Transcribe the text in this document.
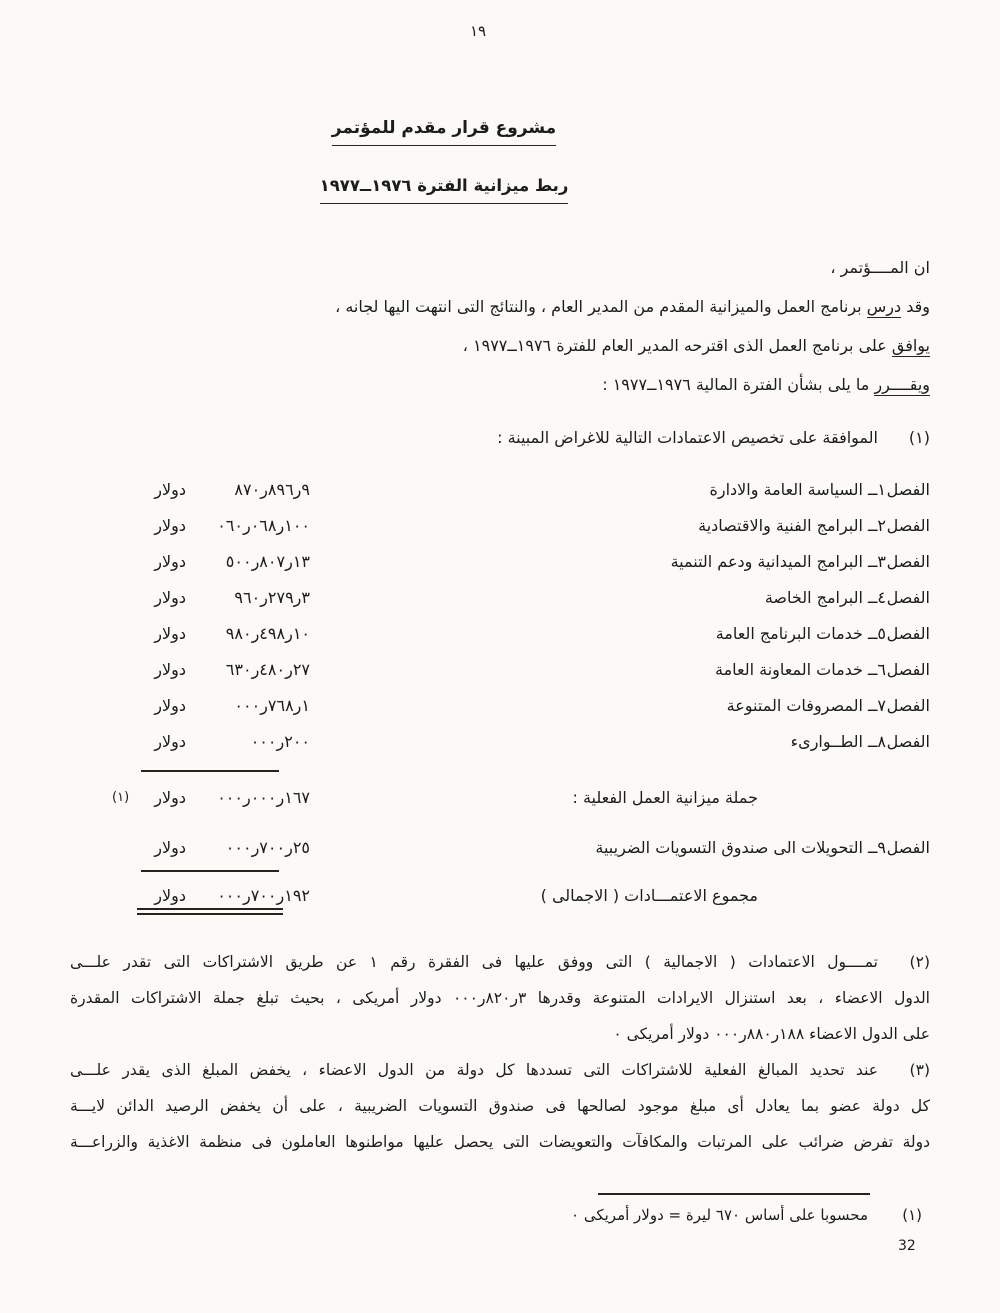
١٩
مشروع قرار مقدم للمؤتمر
ربط ميزانية الفترة ١٩٧٦ــ١٩٧٧
ان المــــؤتمر ،
وقد درس برنامج العمل والميزانية المقدم من المدير العام ، والنتائج التى انتهت اليها لجانه ،
يوافق على برنامج العمل الذى اقترحه المدير العام للفترة ١٩٧٦ــ١٩٧٧ ،
ويقــــرر ما يلى بشأن الفترة المالية ١٩٧٦ــ١٩٧٧ :
(١)
الموافقة على تخصيص الاعتمادات التالية للاغراض المبينة :
الفصل
١ــ السياسة العامة والادارة
٩ر٨٩٦ر٨٧٠
دولار
الفصل
٢ــ البرامج الفنية والاقتصادية
١٠٠ر٠٦٨ر٠٦٠
دولار
الفصل
٣ــ البرامج الميدانية ودعم التنمية
١٣ر٨٠٧ر٥٠٠
دولار
الفصل
٤ــ البرامج الخاصة
٣ر٢٧٩ر٩٦٠
دولار
الفصل
٥ــ خدمات البرنامج العامة
١٠ر٤٩٨ر٩٨٠
دولار
الفصل
٦ــ خدمات المعاونة العامة
٢٧ر٤٨٠ر٦٣٠
دولار
الفصل
٧ــ المصروفات المتنوعة
١ر٧٦٨ر٠٠٠
دولار
الفصل
٨ــ الطــوارىء
٢٠٠ر٠٠٠
دولار
جملة ميزانية العمل الفعلية :
١٦٧ر٠٠٠ر٠٠٠
دولار
(١)
الفصل
٩ــ التحويلات الى صندوق التسويات الضريبية
٢٥ر٧٠٠ر٠٠٠
دولار
مجموع الاعتمـــادات ( الاجمالى )
١٩٢ر٧٠٠ر٠٠٠
دولار
(٢)
تمــــول الاعتمادات ( الاجمالية ) التى ووفق عليها فى الفقرة رقم ١ عن طريق الاشتراكات التى تقدر علـــى
الدول الاعضاء ، بعد استنزال الايرادات المتنوعة وقدرها ٣ر٨٢٠ر٠٠٠ دولار أمريكى ، بحيث تبلغ جملة الاشتراكات المقدرة
على الدول الاعضاء ١٨٨ر٨٨٠ر٠٠٠ دولار أمريكى ٠
(٣)
عند تحديد المبالغ الفعلية للاشتراكات التى تسددها كل دولة من الدول الاعضاء ، يخفض المبلغ الذى يقدر علـــى
كل دولة عضو بما يعادل أى مبلغ موجود لصالحها فى صندوق التسويات الضريبية ، على أن يخفض الرصيد الدائن لايـــة
دولة تفرض ضرائب على المرتبات والمكافآت والتعويضات التى يحصل عليها مواطنوها العاملون فى منظمة الاغذية والزراعـــة
(١)
محسوبا على أساس ٦٧٠ ليرة = دولار أمريكى ٠
32
